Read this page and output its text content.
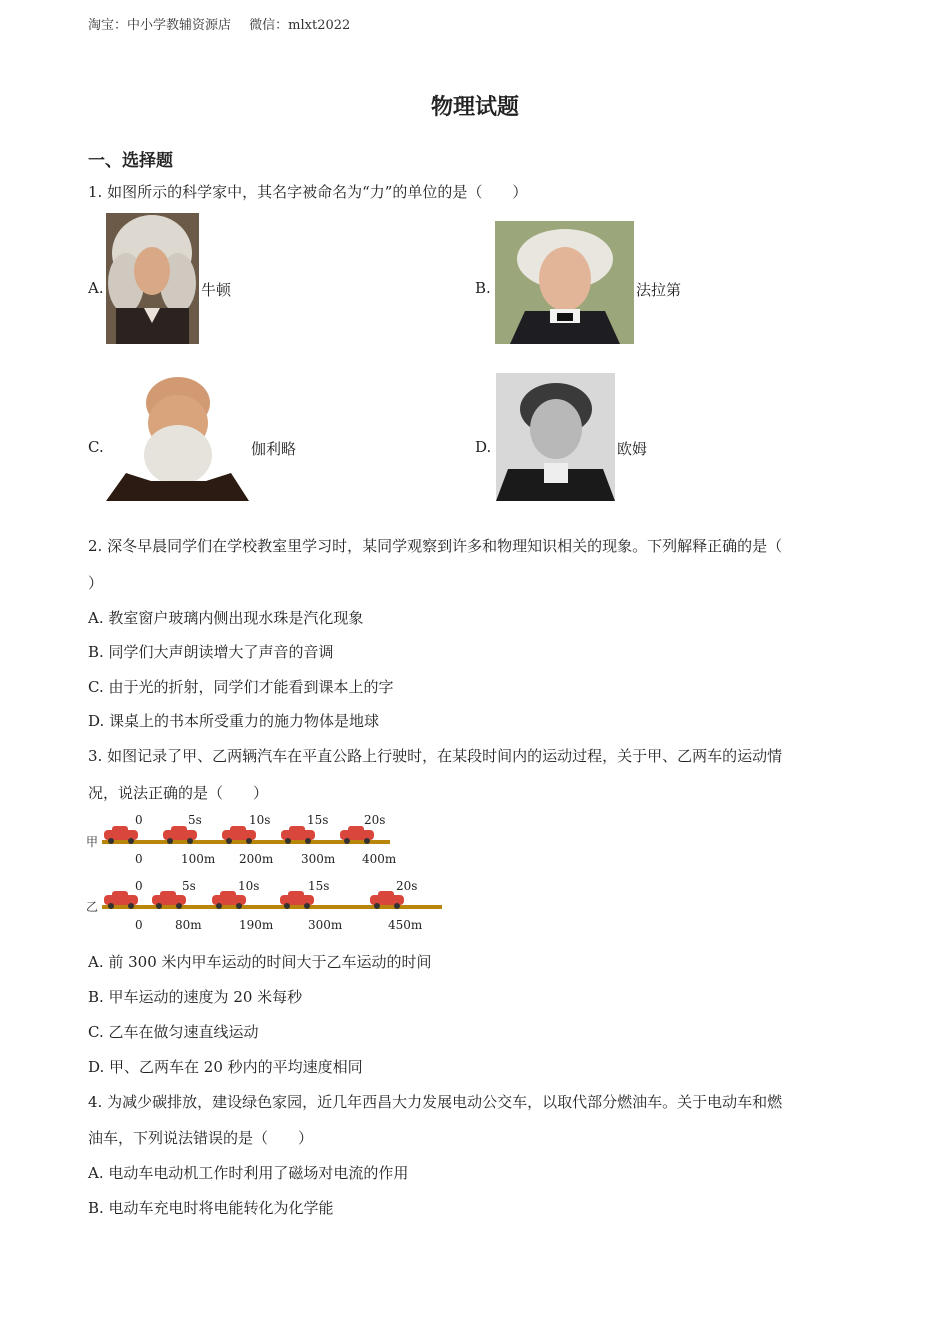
淘宝：中小学教辅资源店 微信：mlxt2022
物理试题
一、选择题
1. 如图所示的科学家中，其名字被命名为“力”的单位的是（　　）
A.	牛顿	B.	法拉第
C.	伽利略	D.	欧姆
2. 深冬早晨同学们在学校教室里学习时，某同学观察到许多和物理知识相关的现象。下列解释正确的是（
）
A. 教室窗户玻璃内侧出现水珠是汽化现象
B. 同学们大声朗读增大了声音的音调
C. 由于光的折射，同学们才能看到课本上的字
D. 课桌上的书本所受重力的施力物体是地球
3. 如图记录了甲、乙两辆汽车在平直公路上行驶时，在某段时间内的运动过程，关于甲、乙两车的运动情
况，说法正确的是（　　）
甲
0	5s	10s	15s	20s
0	100m 200m 300m 400m
乙
0	5s	10s	15s	20s
0	80m	190m	300m	450m
A. 前 300 米内甲车运动的时间大于乙车运动的时间
B. 甲车运动的速度为 20 米每秒
C. 乙车在做匀速直线运动
D. 甲、乙两车在 20 秒内的平均速度相同
4. 为减少碳排放，建设绿色家园，近几年西昌大力发展电动公交车，以取代部分燃油车。关于电动车和燃
油车，下列说法错误的是（　　）
A. 电动车电动机工作时利用了磁场对电流的作用
B. 电动车充电时将电能转化为化学能
